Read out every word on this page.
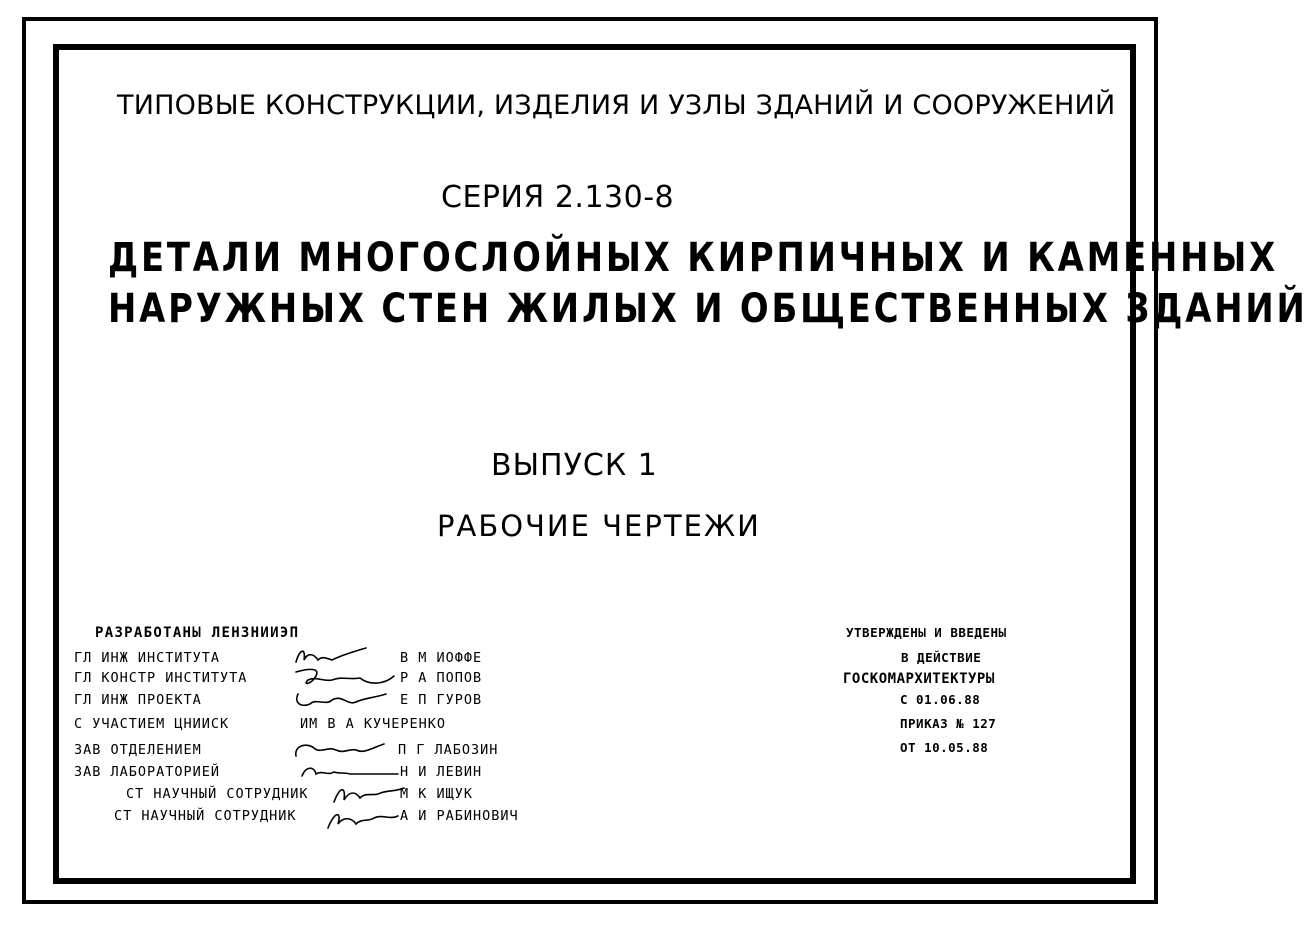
ТИПОВЫЕ КОНСТРУКЦИИ, ИЗДЕЛИЯ И УЗЛЫ ЗДАНИЙ И СООРУЖЕНИЙ
СЕРИЯ 2.130-8
ДЕТАЛИ МНОГОСЛОЙНЫХ КИРПИЧНЫХ И КАМЕННЫХ
НАРУЖНЫХ СТЕН ЖИЛЫХ И ОБЩЕСТВЕННЫХ ЗДАНИЙ
ВЫПУСК 1
РАБОЧИЕ ЧЕРТЕЖИ
РАЗРАБОТАНЫ ЛЕНЗНИИЭП
ГЛ ИНЖ ИНСТИТУТА	В М ИОФФЕ
ГЛ КОНСТР ИНСТИТУТА	Р А ПОПОВ
ГЛ ИНЖ ПРОЕКТА	Е П ГУРОВ
С УЧАСТИЕМ ЦНИИСК	ИМ В А КУЧЕРЕНКО
ЗАВ ОТДЕЛЕНИЕМ	П Г ЛАБОЗИН
ЗАВ ЛАБОРАТОРИЕЙ	Н И ЛЕВИН
СТ НАУЧНЫЙ СОТРУДНИК	М К ИЩУК
СТ НАУЧНЫЙ СОТРУДНИК	А И РАБИНОВИЧ
УТВЕРЖДЕНЫ И ВВЕДЕНЫ
В ДЕЙСТВИЕ
ГОСКОМАРХИТЕКТУРЫ
С 01.06.88
ПРИКАЗ № 127
ОТ 10.05.88
